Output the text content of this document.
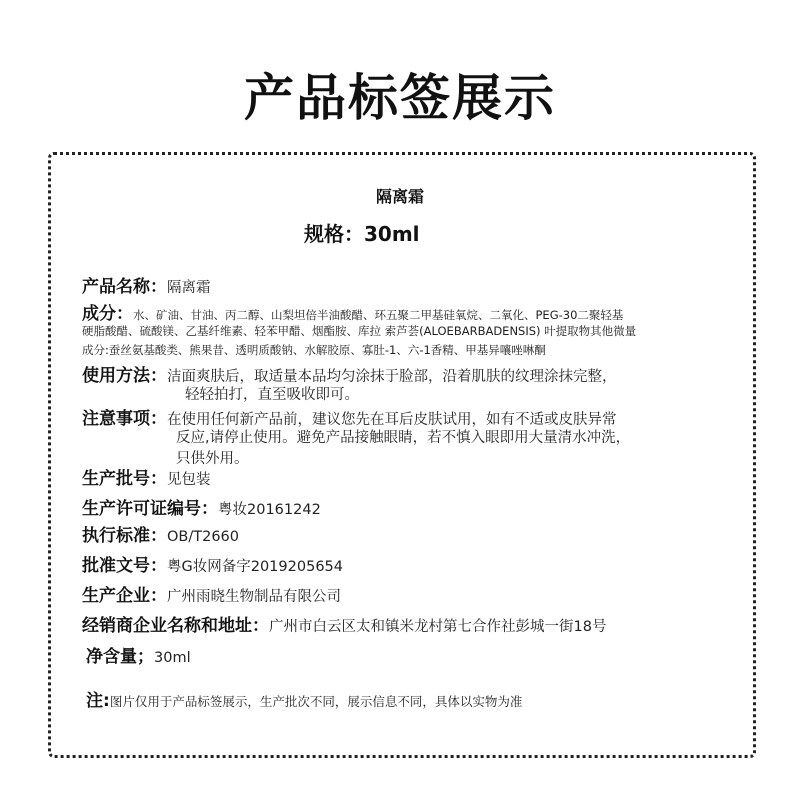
产品标签展示
隔离霜
规格：30ml
产品名称：隔离霜
成分：水、矿油、甘油、丙二醇、山梨坦倍半油酸醋、环五聚二甲基硅氧烷、二氧化、PEG-30二聚轻基
硬脂酸醋、硫酸镁、乙基纤维素、轻苯甲醋、烟酯胺、库拉 索芦荟(ALOEBARBADENSIS) 叶提取物其他微量
成分:蚕丝氨基酸类、熊果昔、透明质酸钠、水解胶原、寡肚-1、六-1香精、甲基异嚷唑啉酮
使用方法：洁面爽肤后，取适量本品均匀涂抹于脸部，沿着肌肤的纹理涂抹完整，
轻轻拍打，直至吸收即可。
注意事项：在使用任何新产品前，建议您先在耳后皮肤试用，如有不适或皮肤异常
反应,请停止使用。避免产品接触眼睛，若不慎入眼即用大量清水冲洗，
只供外用。
生产批号：见包装
生产许可证编号：粤妆20161242
执行标准：OB/T2660
批准文号：粤G妆网备字2019205654
生产企业：广州雨晓生物制品有限公司
经销商企业名称和地址：广州市白云区太和镇米龙村第七合作社彭城一街18号
净含量；30ml
注:图片仅用于产品标签展示，生产批次不同，展示信息不同，具体以实物为准
